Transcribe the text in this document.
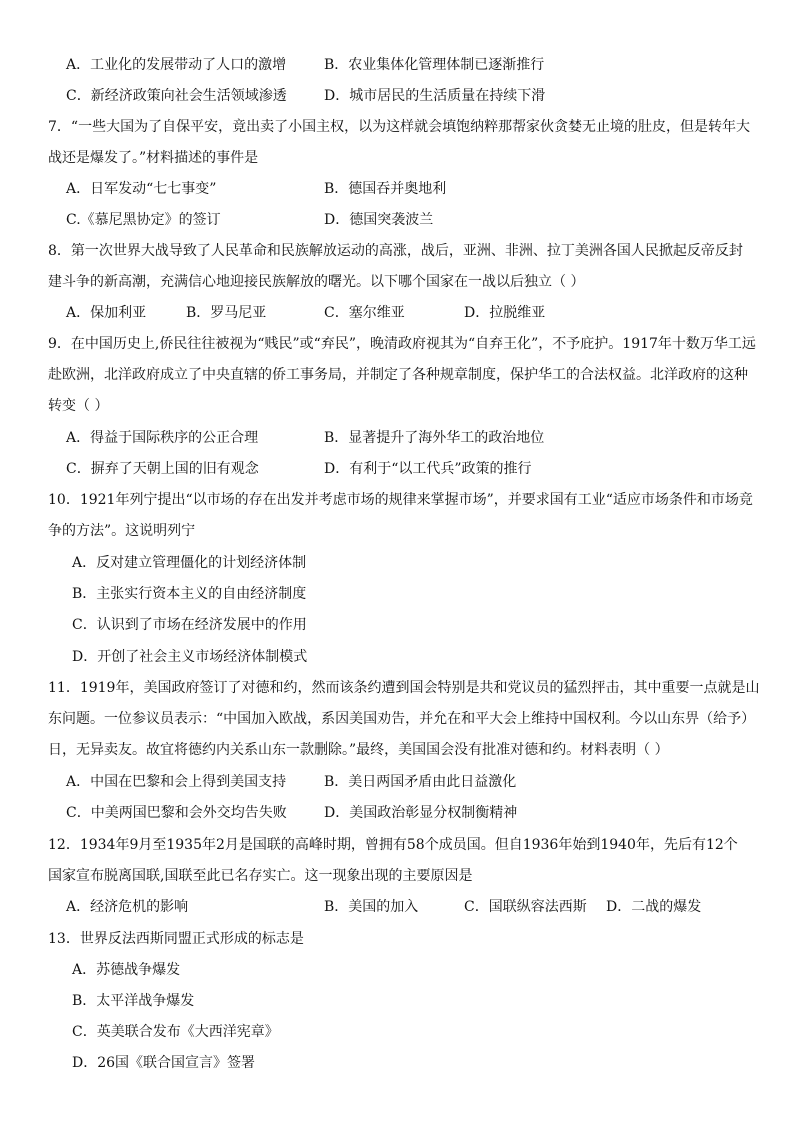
A．工业化的发展带动了人口的激增	B．农业集体化管理体制已逐渐推行
C．新经济政策向社会生活领域渗透	D．城市居民的生活质量在持续下滑
7．“一些大国为了自保平安，竟出卖了小国主权，以为这样就会填饱纳粹那帮家伙贪婪无止境的肚皮，但是转年大
战还是爆发了。”材料描述的事件是
A．日军发动“七七事变”	B．德国吞并奥地利
C.《慕尼黑协定》的签订	D．德国突袭波兰
8．第一次世界大战导致了人民革命和民族解放运动的高涨，战后，亚洲、非洲、拉丁美洲各国人民掀起反帝反封
建斗争的新高潮，充满信心地迎接民族解放的曙光。以下哪个国家在一战以后独立（ ）
A．保加利亚	B．罗马尼亚	C．塞尔维亚	D．拉脱维亚
9．在中国历史上,侨民往往被视为“贱民”或“弃民”，晚清政府视其为“自弃王化”，不予庇护。1917年十数万华工远
赴欧洲，北洋政府成立了中央直辖的侨工事务局，并制定了各种规章制度，保护华工的合法权益。北洋政府的这种
转变（ ）
A．得益于国际秩序的公正合理	B．显著提升了海外华工的政治地位
C．摒弃了天朝上国的旧有观念	D．有利于“以工代兵”政策的推行
10．1921年列宁提出“以市场的存在出发并考虑市场的规律来掌握市场”，并要求国有工业“适应市场条件和市场竞
争的方法”。这说明列宁
A．反对建立管理僵化的计划经济体制
B．主张实行资本主义的自由经济制度
C．认识到了市场在经济发展中的作用
D．开创了社会主义市场经济体制模式
11．1919年，美国政府签订了对德和约，然而该条约遭到国会特别是共和党议员的猛烈抨击，其中重要一点就是山
东问题。一位参议员表示：“中国加入欧战，系因美国劝告，并允在和平大会上维持中国权利。今以山东畀（给予）
日，无异卖友。故宜将德约内关系山东一款删除。”最终，美国国会没有批准对德和约。材料表明（ ）
A．中国在巴黎和会上得到美国支持	B．美日两国矛盾由此日益激化
C．中美两国巴黎和会外交均告失败	D．美国政治彰显分权制衡精神
12．1934年9月至1935年2月是国联的高峰时期，曾拥有58个成员国。但自1936年始到1940年，先后有12个
国家宣布脱离国联,国联至此已名存实亡。这一现象出现的主要原因是
A．经济危机的影响	B．美国的加入	C．国联纵容法西斯 D．二战的爆发
13．世界反法西斯同盟正式形成的标志是
A．苏德战争爆发
B．太平洋战争爆发
C．英美联合发布《大西洋宪章》
D．26国《联合国宣言》签署
